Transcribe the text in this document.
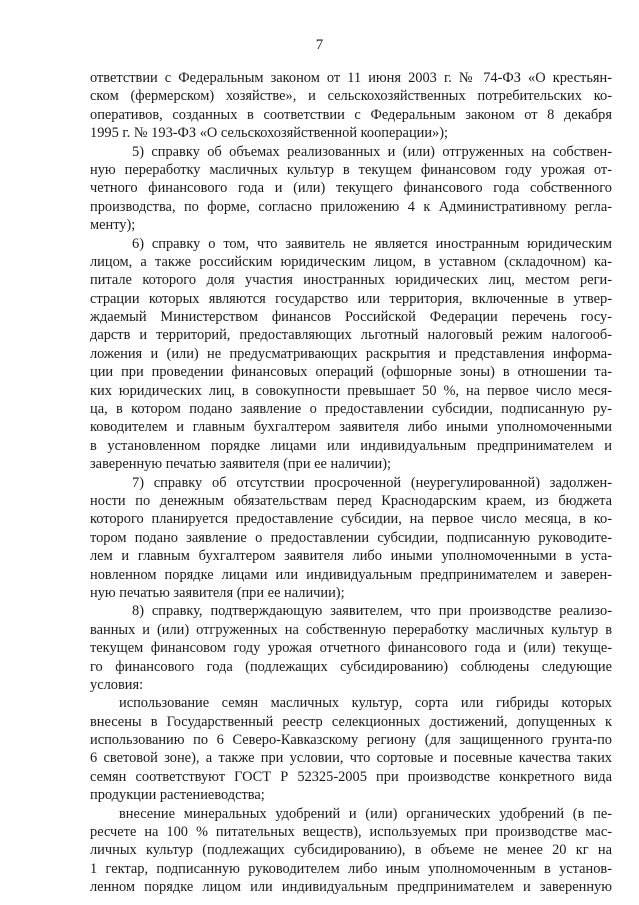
7
ответствии с Федеральным законом от 11 июня 2003 г. № 74-ФЗ «О крестьян-
ском (фермерском) хозяйстве», и сельскохозяйственных потребительских ко-
оперативов, созданных в соответствии с Федеральным законом от 8 декабря
1995 г. № 193-ФЗ «О сельскохозяйственной кооперации»);
5) справку об объемах реализованных и (или) отгруженных на собствен-
ную переработку масличных культур в текущем финансовом году урожая от-
четного финансового года и (или) текущего финансового года собственного
производства, по форме, согласно приложению 4 к Административному регла-
менту);
6) справку о том, что заявитель не является иностранным юридическим
лицом, а также российским юридическим лицом, в уставном (складочном) ка-
питале которого доля участия иностранных юридических лиц, местом реги-
страции которых являются государство или территория, включенные в утвер-
ждаемый Министерством финансов Российской Федерации перечень госу-
дарств и территорий, предоставляющих льготный налоговый режим налогооб-
ложения и (или) не предусматривающих раскрытия и представления информа-
ции при проведении финансовых операций (офшорные зоны) в отношении та-
ких юридических лиц, в совокупности превышает 50 %, на первое число меся-
ца, в котором подано заявление о предоставлении субсидии, подписанную ру-
ководителем и главным бухгалтером заявителя либо иными уполномоченными
в установленном порядке лицами или индивидуальным предпринимателем и
заверенную печатью заявителя (при ее наличии);
7) справку об отсутствии просроченной (неурегулированной) задолжен-
ности по денежным обязательствам перед Краснодарским краем, из бюджета
которого планируется предоставление субсидии, на первое число месяца, в ко-
тором подано заявление о предоставлении субсидии, подписанную руководите-
лем и главным бухгалтером заявителя либо иными уполномоченными в уста-
новленном порядке лицами или индивидуальным предпринимателем и заверен-
ную печатью заявителя (при ее наличии);
8) справку, подтверждающую заявителем, что при производстве реализо-
ванных и (или) отгруженных на собственную переработку масличных культур в
текущем финансовом году урожая отчетного финансового года и (или) текуще-
го финансового года (подлежащих субсидированию) соблюдены следующие
условия:
использование семян масличных культур, сорта или гибриды которых
внесены в Государственный реестр селекционных достижений, допущенных к
использованию по 6 Северо-Кавказскому региону (для защищенного грунта-по
6 световой зоне), а также при условии, что сортовые и посевные качества таких
семян соответствуют ГОСТ Р 52325-2005 при производстве конкретного вида
продукции растениеводства;
внесение минеральных удобрений и (или) органических удобрений (в пе-
ресчете на 100 % питательных веществ), используемых при производстве мас-
личных культур (подлежащих субсидированию), в объеме не менее 20 кг на
1 гектар, подписанную руководителем либо иным уполномоченным в установ-
ленном порядке лицом или индивидуальным предпринимателем и заверенную
